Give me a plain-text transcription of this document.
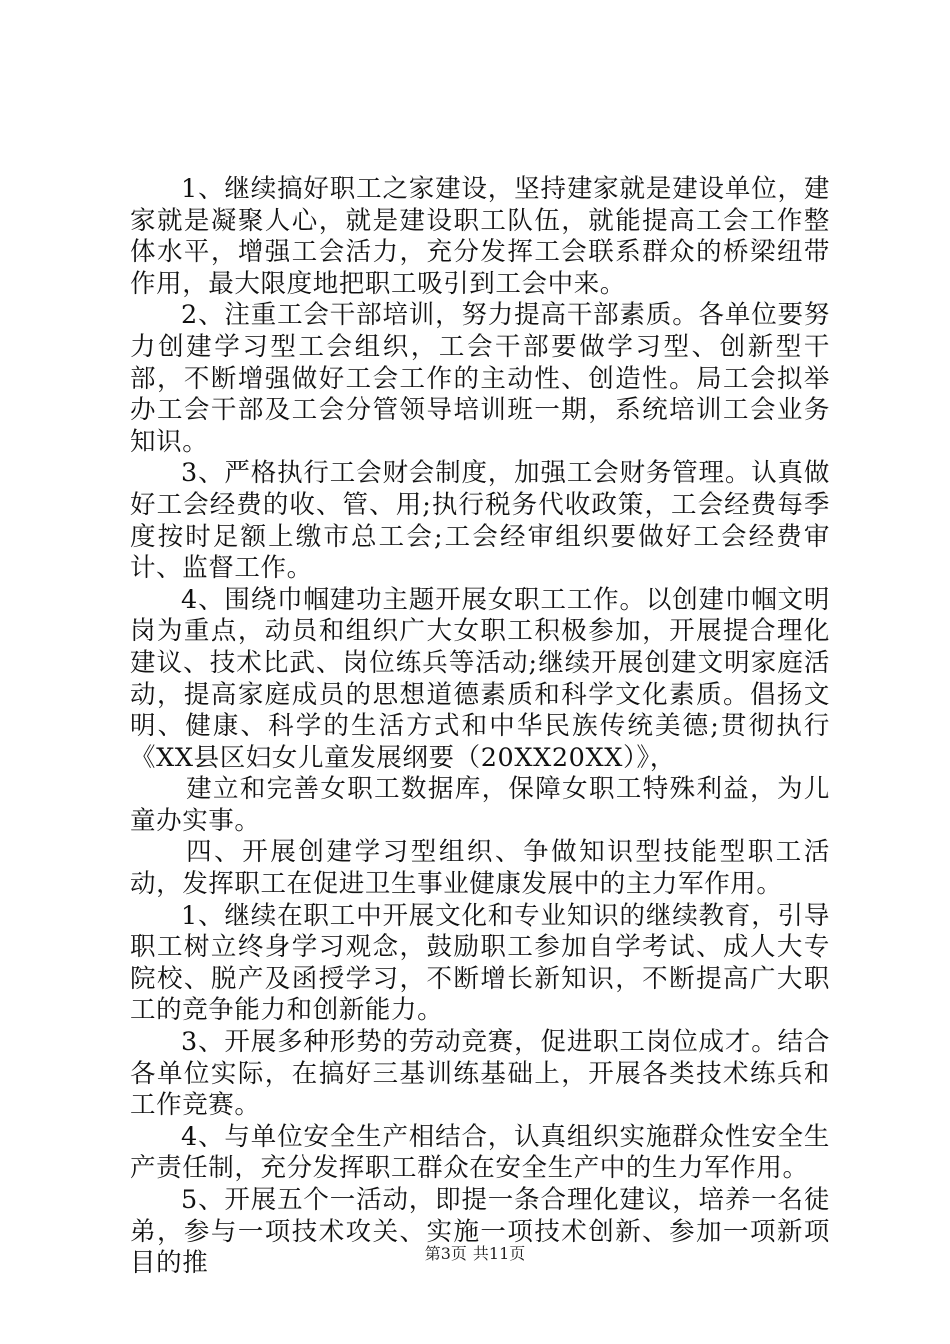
1、继续搞好职工之家建设，坚持建家就是建设单位，建家就是凝聚人心，就是建设职工队伍，就能提高工会工作整体水平，增强工会活力，充分发挥工会联系群众的桥梁纽带作用，最大限度地把职工吸引到工会中来。

2、注重工会干部培训，努力提高干部素质。各单位要努力创建学习型工会组织，工会干部要做学习型、创新型干部，不断增强做好工会工作的主动性、创造性。局工会拟举办工会干部及工会分管领导培训班一期，系统培训工会业务知识。

3、严格执行工会财会制度，加强工会财务管理。认真做好工会经费的收、管、用;执行税务代收政策，工会经费每季度按时足额上缴市总工会;工会经审组织要做好工会经费审计、监督工作。

4、围绕巾帼建功主题开展女职工工作。以创建巾帼文明岗为重点，动员和组织广大女职工积极参加，开展提合理化建议、技术比武、岗位练兵等活动;继续开展创建文明家庭活动，提高家庭成员的思想道德素质和科学文化素质。倡扬文明、健康、科学的生活方式和中华民族传统美德;贯彻执行《XX县区妇女儿童发展纲要（20XX20XX）》，

建立和完善女职工数据库，保障女职工特殊利益，为儿童办实事。

四、开展创建学习型组织、争做知识型技能型职工活动，发挥职工在促进卫生事业健康发展中的主力军作用。

1、继续在职工中开展文化和专业知识的继续教育，引导职工树立终身学习观念，鼓励职工参加自学考试、成人大专院校、脱产及函授学习，不断增长新知识，不断提高广大职工的竞争能力和创新能力。

3、开展多种形势的劳动竞赛，促进职工岗位成才。结合各单位实际，在搞好三基训练基础上，开展各类技术练兵和工作竞赛。

4、与单位安全生产相结合，认真组织实施群众性安全生产责任制，充分发挥职工群众在安全生产中的生力军作用。

5、开展五个一活动，即提一条合理化建议，培养一名徒弟，参与一项技术攻关、实施一项技术创新、参加一项新项目的推	第3页 共11页
